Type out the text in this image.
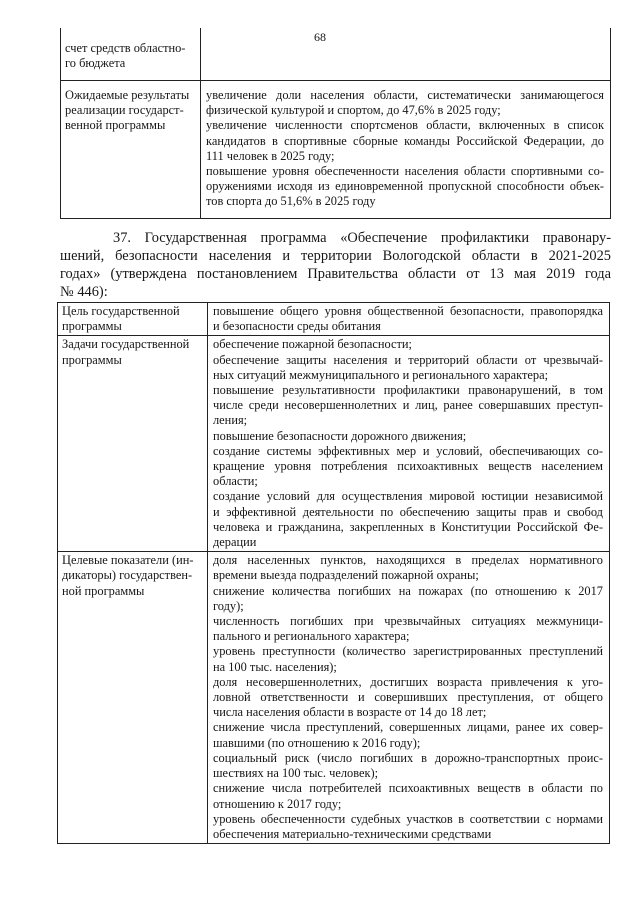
68
счет средств областно-
го бюджета
Ожидаемые результаты
реализации государст-
венной программы
увеличение доли населения области, систематически занимающегося
физической культурой и спортом, до 47,6% в 2025 году;
увеличение численности спортсменов области, включенных в список
кандидатов в спортивные сборные команды Российской Федерации, до
111 человек в 2025 году;
повышение уровня обеспеченности населения области спортивными со-
оружениями исходя из единовременной пропускной способности объек-
тов спорта до 51,6% в 2025 году
37. Государственная программа «Обеспечение профилактики правонару-
шений, безопасности населения и территории Вологодской области в 2021-2025
годах» (утверждена постановлением Правительства области от 13 мая 2019 года
№ 446):
Цель государственной
программы
повышение общего уровня общественной безопасности, правопорядка
и безопасности среды обитания
Задачи государственной
программы
обеспечение пожарной безопасности;
обеспечение защиты населения и территорий области от чрезвычай-
ных ситуаций межмуниципального и регионального характера;
повышение результативности профилактики правонарушений, в том
числе среди несовершеннолетних и лиц, ранее совершавших преступ-
ления;
повышение безопасности дорожного движения;
создание системы эффективных мер и условий, обеспечивающих со-
кращение уровня потребления психоактивных веществ населением
области;
создание условий для осуществления мировой юстиции независимой
и эффективной деятельности по обеспечению защиты прав и свобод
человека и гражданина, закрепленных в Конституции Российской Фе-
дерации
Целевые показатели (ин-
дикаторы) государствен-
ной программы
доля населенных пунктов, находящихся в пределах нормативного
времени выезда подразделений пожарной охраны;
снижение количества погибших на пожарах (по отношению к 2017
году);
численность погибших при чрезвычайных ситуациях межмуници-
пального и регионального характера;
уровень преступности (количество зарегистрированных преступлений
на 100 тыс. населения);
доля несовершеннолетних, достигших возраста привлечения к уго-
ловной ответственности и совершивших преступления, от общего
числа населения области в возрасте от 14 до 18 лет;
снижение числа преступлений, совершенных лицами, ранее их совер-
шавшими (по отношению к 2016 году);
социальный риск (число погибших в дорожно-транспортных проис-
шествиях на 100 тыс. человек);
снижение числа потребителей психоактивных веществ в области по
отношению к 2017 году;
уровень обеспеченности судебных участков в соответствии с нормами
обеспечения материально-техническими средствами
